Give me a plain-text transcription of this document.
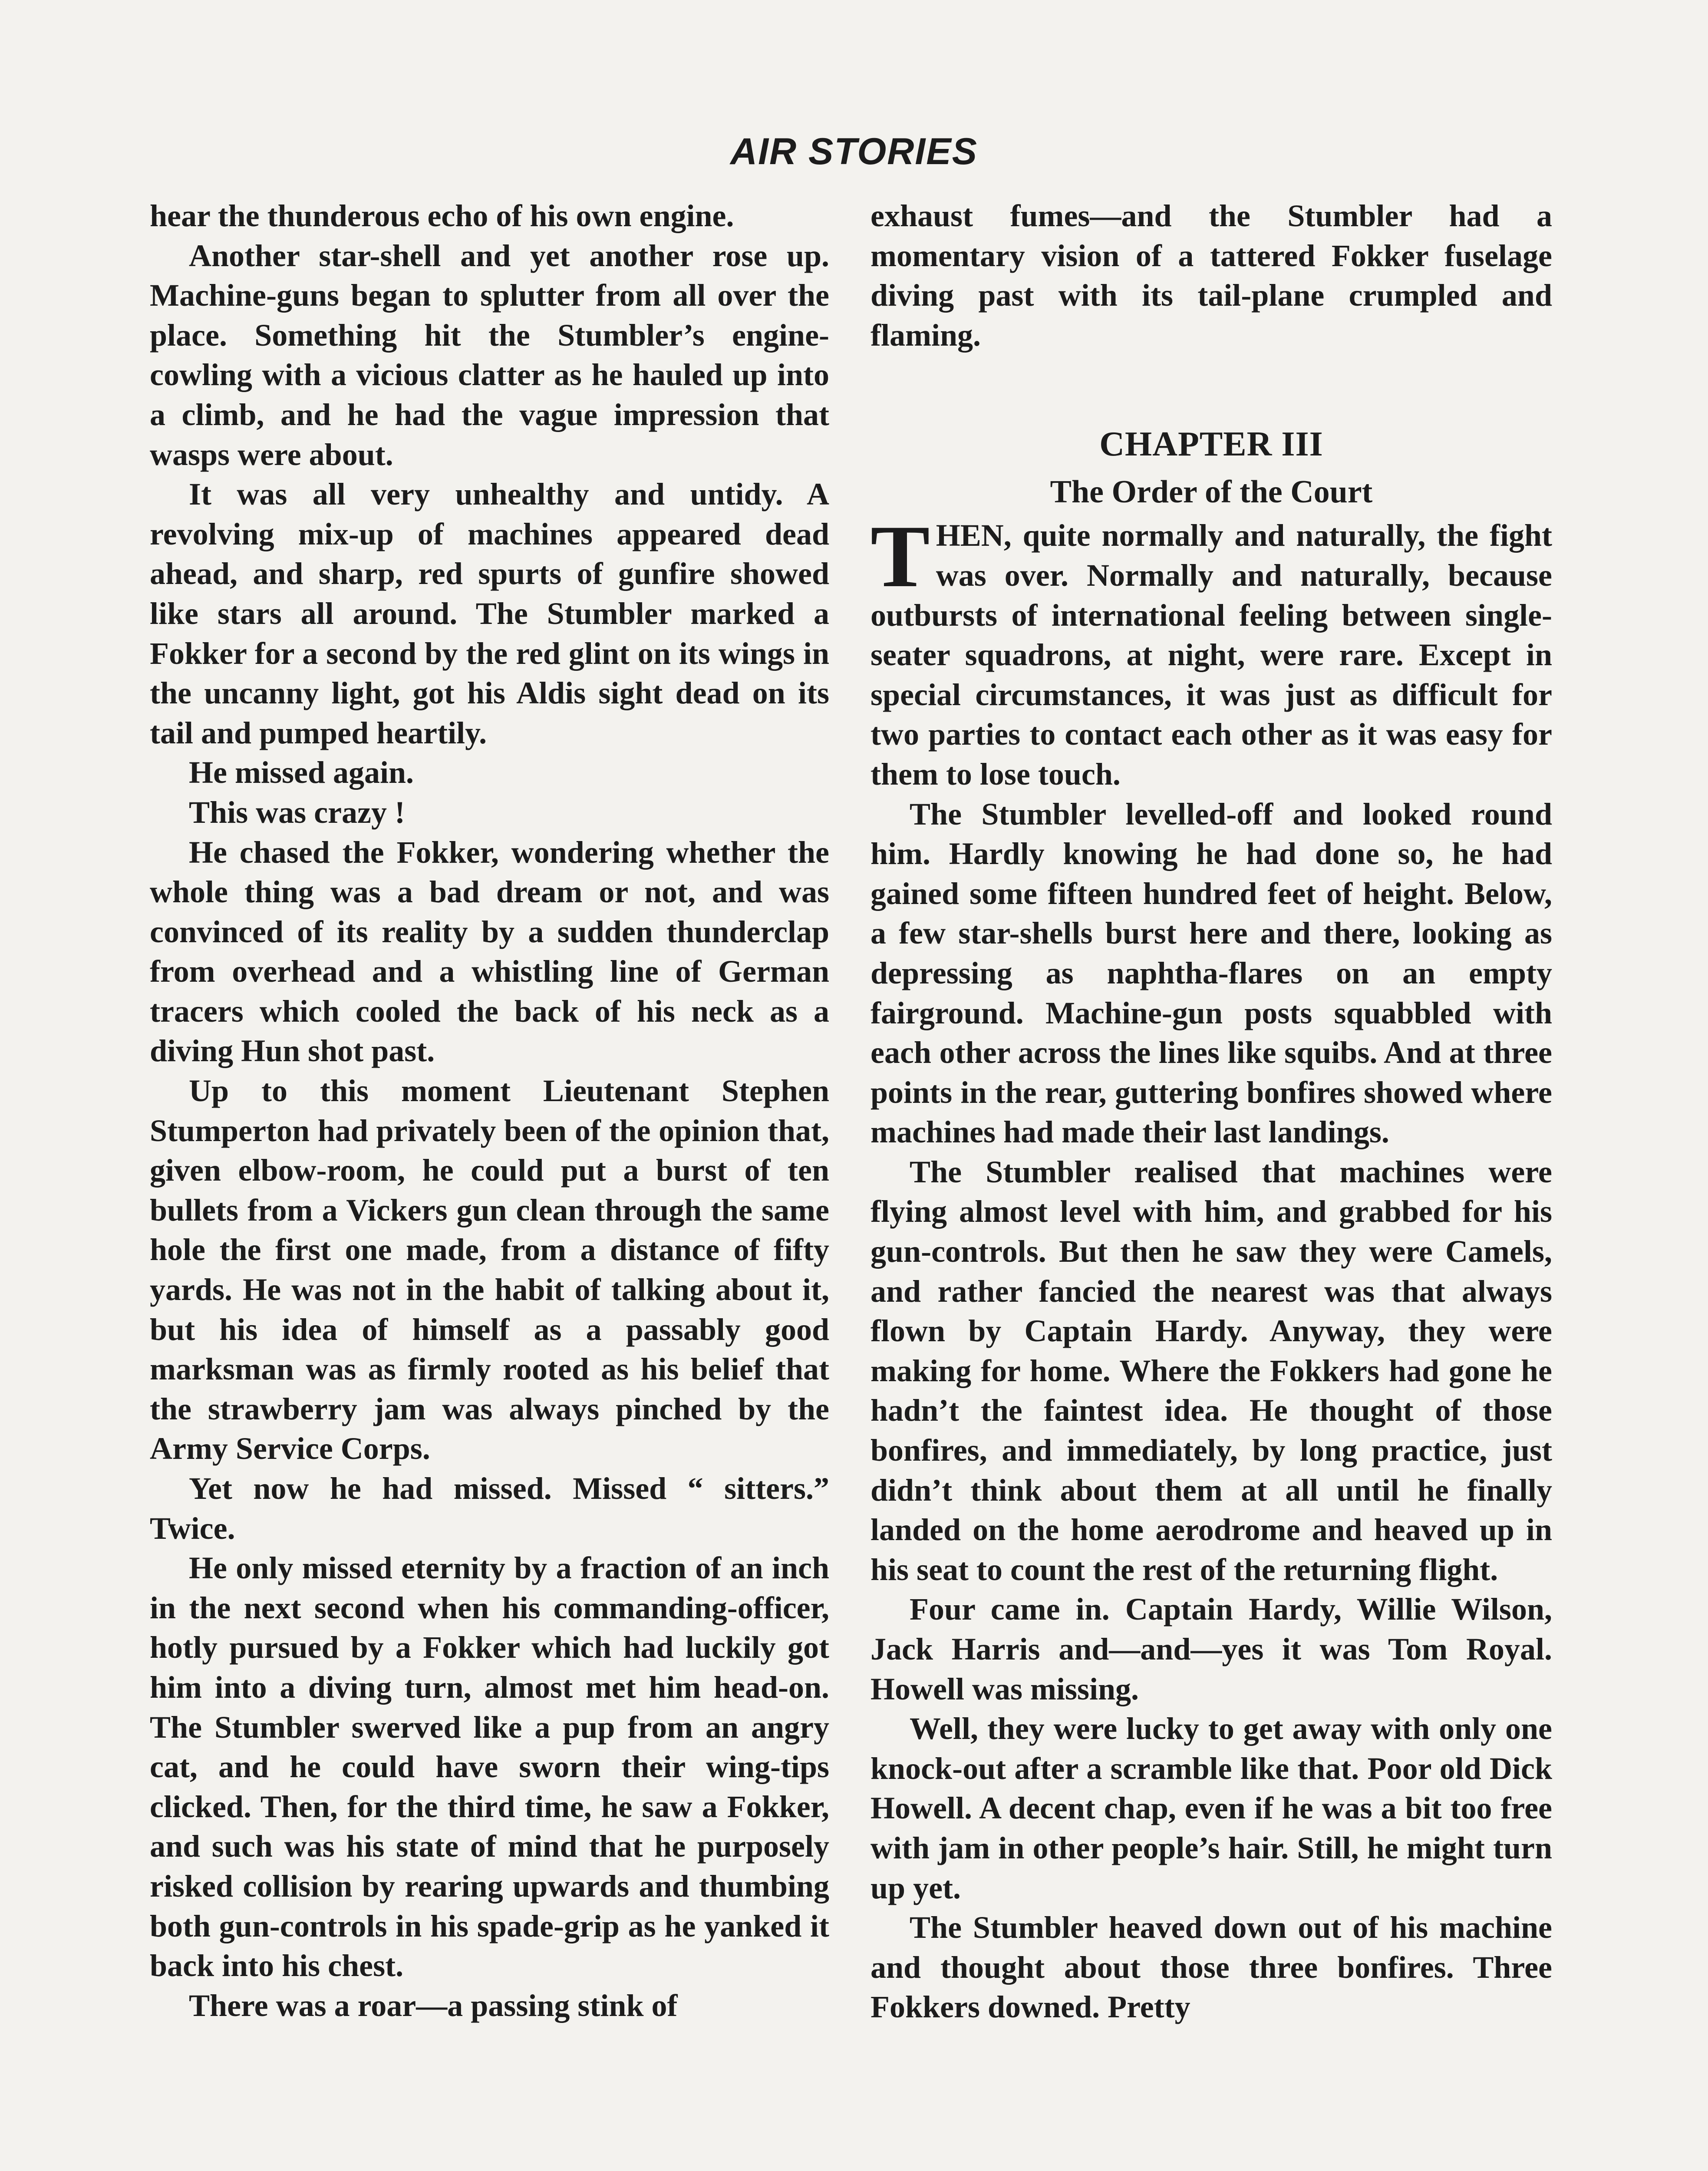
AIR STORIES

hear the thunderous echo of his own engine.

Another star-shell and yet another rose up. Machine-guns began to splutter from all over the place. Something hit the Stumbler’s engine-cowling with a vicious clatter as he hauled up into a climb, and he had the vague impression that wasps were about.

It was all very unhealthy and untidy. A revolving mix-up of machines appeared dead ahead, and sharp, red spurts of gunfire showed like stars all around. The Stumbler marked a Fokker for a second by the red glint on its wings in the uncanny light, got his Aldis sight dead on its tail and pumped heartily.

He missed again.

This was crazy !

He chased the Fokker, wondering whether the whole thing was a bad dream or not, and was convinced of its reality by a sudden thunderclap from overhead and a whistling line of German tracers which cooled the back of his neck as a diving Hun shot past.

Up to this moment Lieutenant Stephen Stumperton had privately been of the opinion that, given elbow-room, he could put a burst of ten bullets from a Vickers gun clean through the same hole the first one made, from a distance of fifty yards. He was not in the habit of talking about it, but his idea of himself as a passably good marksman was as firmly rooted as his belief that the strawberry jam was always pinched by the Army Service Corps.

Yet now he had missed. Missed “ sitters.” Twice.

He only missed eternity by a fraction of an inch in the next second when his commanding-officer, hotly pursued by a Fokker which had luckily got him into a diving turn, almost met him head-on. The Stumbler swerved like a pup from an angry cat, and he could have sworn their wing-tips clicked. Then, for the third time, he saw a Fokker, and such was his state of mind that he purposely risked collision by rearing upwards and thumbing both gun-controls in his spade-grip as he yanked it back into his chest.

There was a roar—a passing stink of

exhaust fumes—and the Stumbler had a momentary vision of a tattered Fokker fuselage diving past with its tail-plane crumpled and flaming.

CHAPTER III

The Order of the Court

THEN, quite normally and naturally, the fight was over. Normally and naturally, because outbursts of international feeling between single-seater squadrons, at night, were rare. Except in special circumstances, it was just as difficult for two parties to contact each other as it was easy for them to lose touch.

The Stumbler levelled-off and looked round him. Hardly knowing he had done so, he had gained some fifteen hundred feet of height. Below, a few star-shells burst here and there, looking as depressing as naphtha-flares on an empty fairground. Machine-gun posts squabbled with each other across the lines like squibs. And at three points in the rear, guttering bonfires showed where machines had made their last landings.

The Stumbler realised that machines were flying almost level with him, and grabbed for his gun-controls. But then he saw they were Camels, and rather fancied the nearest was that always flown by Captain Hardy. Anyway, they were making for home. Where the Fokkers had gone he hadn’t the faintest idea. He thought of those bonfires, and immediately, by long practice, just didn’t think about them at all until he finally landed on the home aerodrome and heaved up in his seat to count the rest of the returning flight.

Four came in. Captain Hardy, Willie Wilson, Jack Harris and—and—yes it was Tom Royal. Howell was missing.

Well, they were lucky to get away with only one knock-out after a scramble like that. Poor old Dick Howell. A decent chap, even if he was a bit too free with jam in other people’s hair. Still, he might turn up yet.

The Stumbler heaved down out of his machine and thought about those three bonfires. Three Fokkers downed. Pretty
